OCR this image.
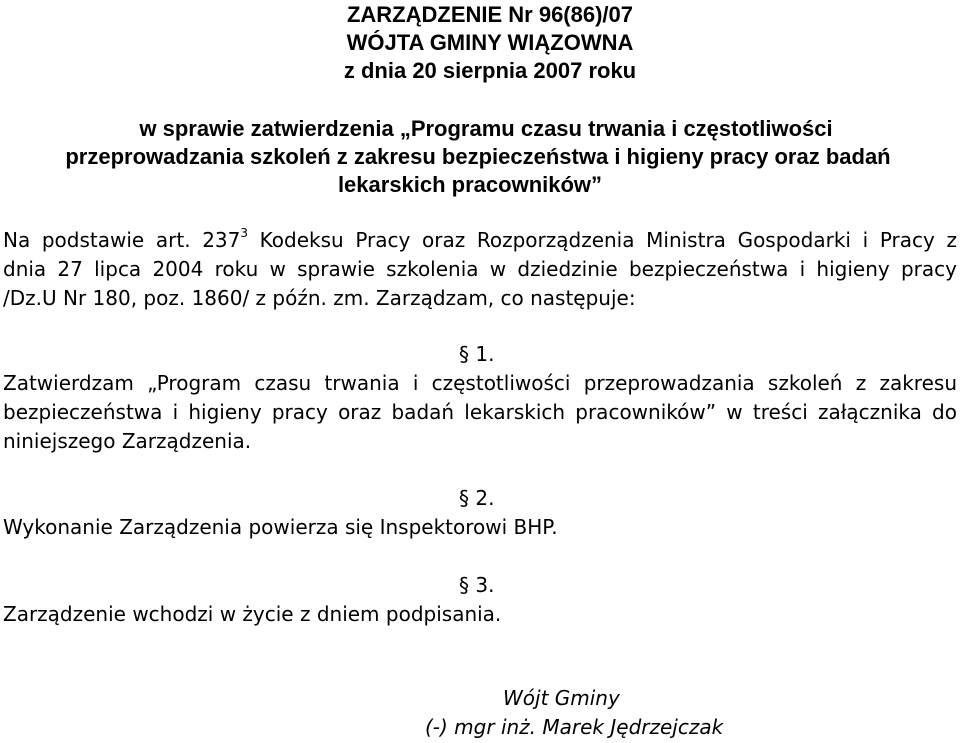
ZARZĄDZENIE Nr 96(86)/07
WÓJTA GMINY WIĄZOWNA
z dnia 20 sierpnia 2007 roku
w sprawie zatwierdzenia „Programu czasu trwania i częstotliwości
przeprowadzania szkoleń z zakresu bezpieczeństwa i higieny pracy oraz badań
lekarskich pracowników”
Na podstawie art. $237^3$ Kodeksu Pracy oraz Rozporządzenia Ministra Gospodarki i Pracy z
dnia 27 lipca 2004 roku w sprawie szkolenia w dziedzinie bezpieczeństwa i higieny pracy
/Dz.U Nr 180, poz. 1860/ z późn. zm. Zarządzam, co następuje:
§ 1.
Zatwierdzam „Program czasu trwania i częstotliwości przeprowadzania szkoleń z zakresu
bezpieczeństwa i higieny pracy oraz badań lekarskich pracowników” w treści załącznika do
niniejszego Zarządzenia.
§ 2.
Wykonanie Zarządzenia powierza się Inspektorowi BHP.
§ 3.
Zarządzenie wchodzi w życie z dniem podpisania.
Wójt Gminy
(-) mgr inż. Marek Jędrzejczak
